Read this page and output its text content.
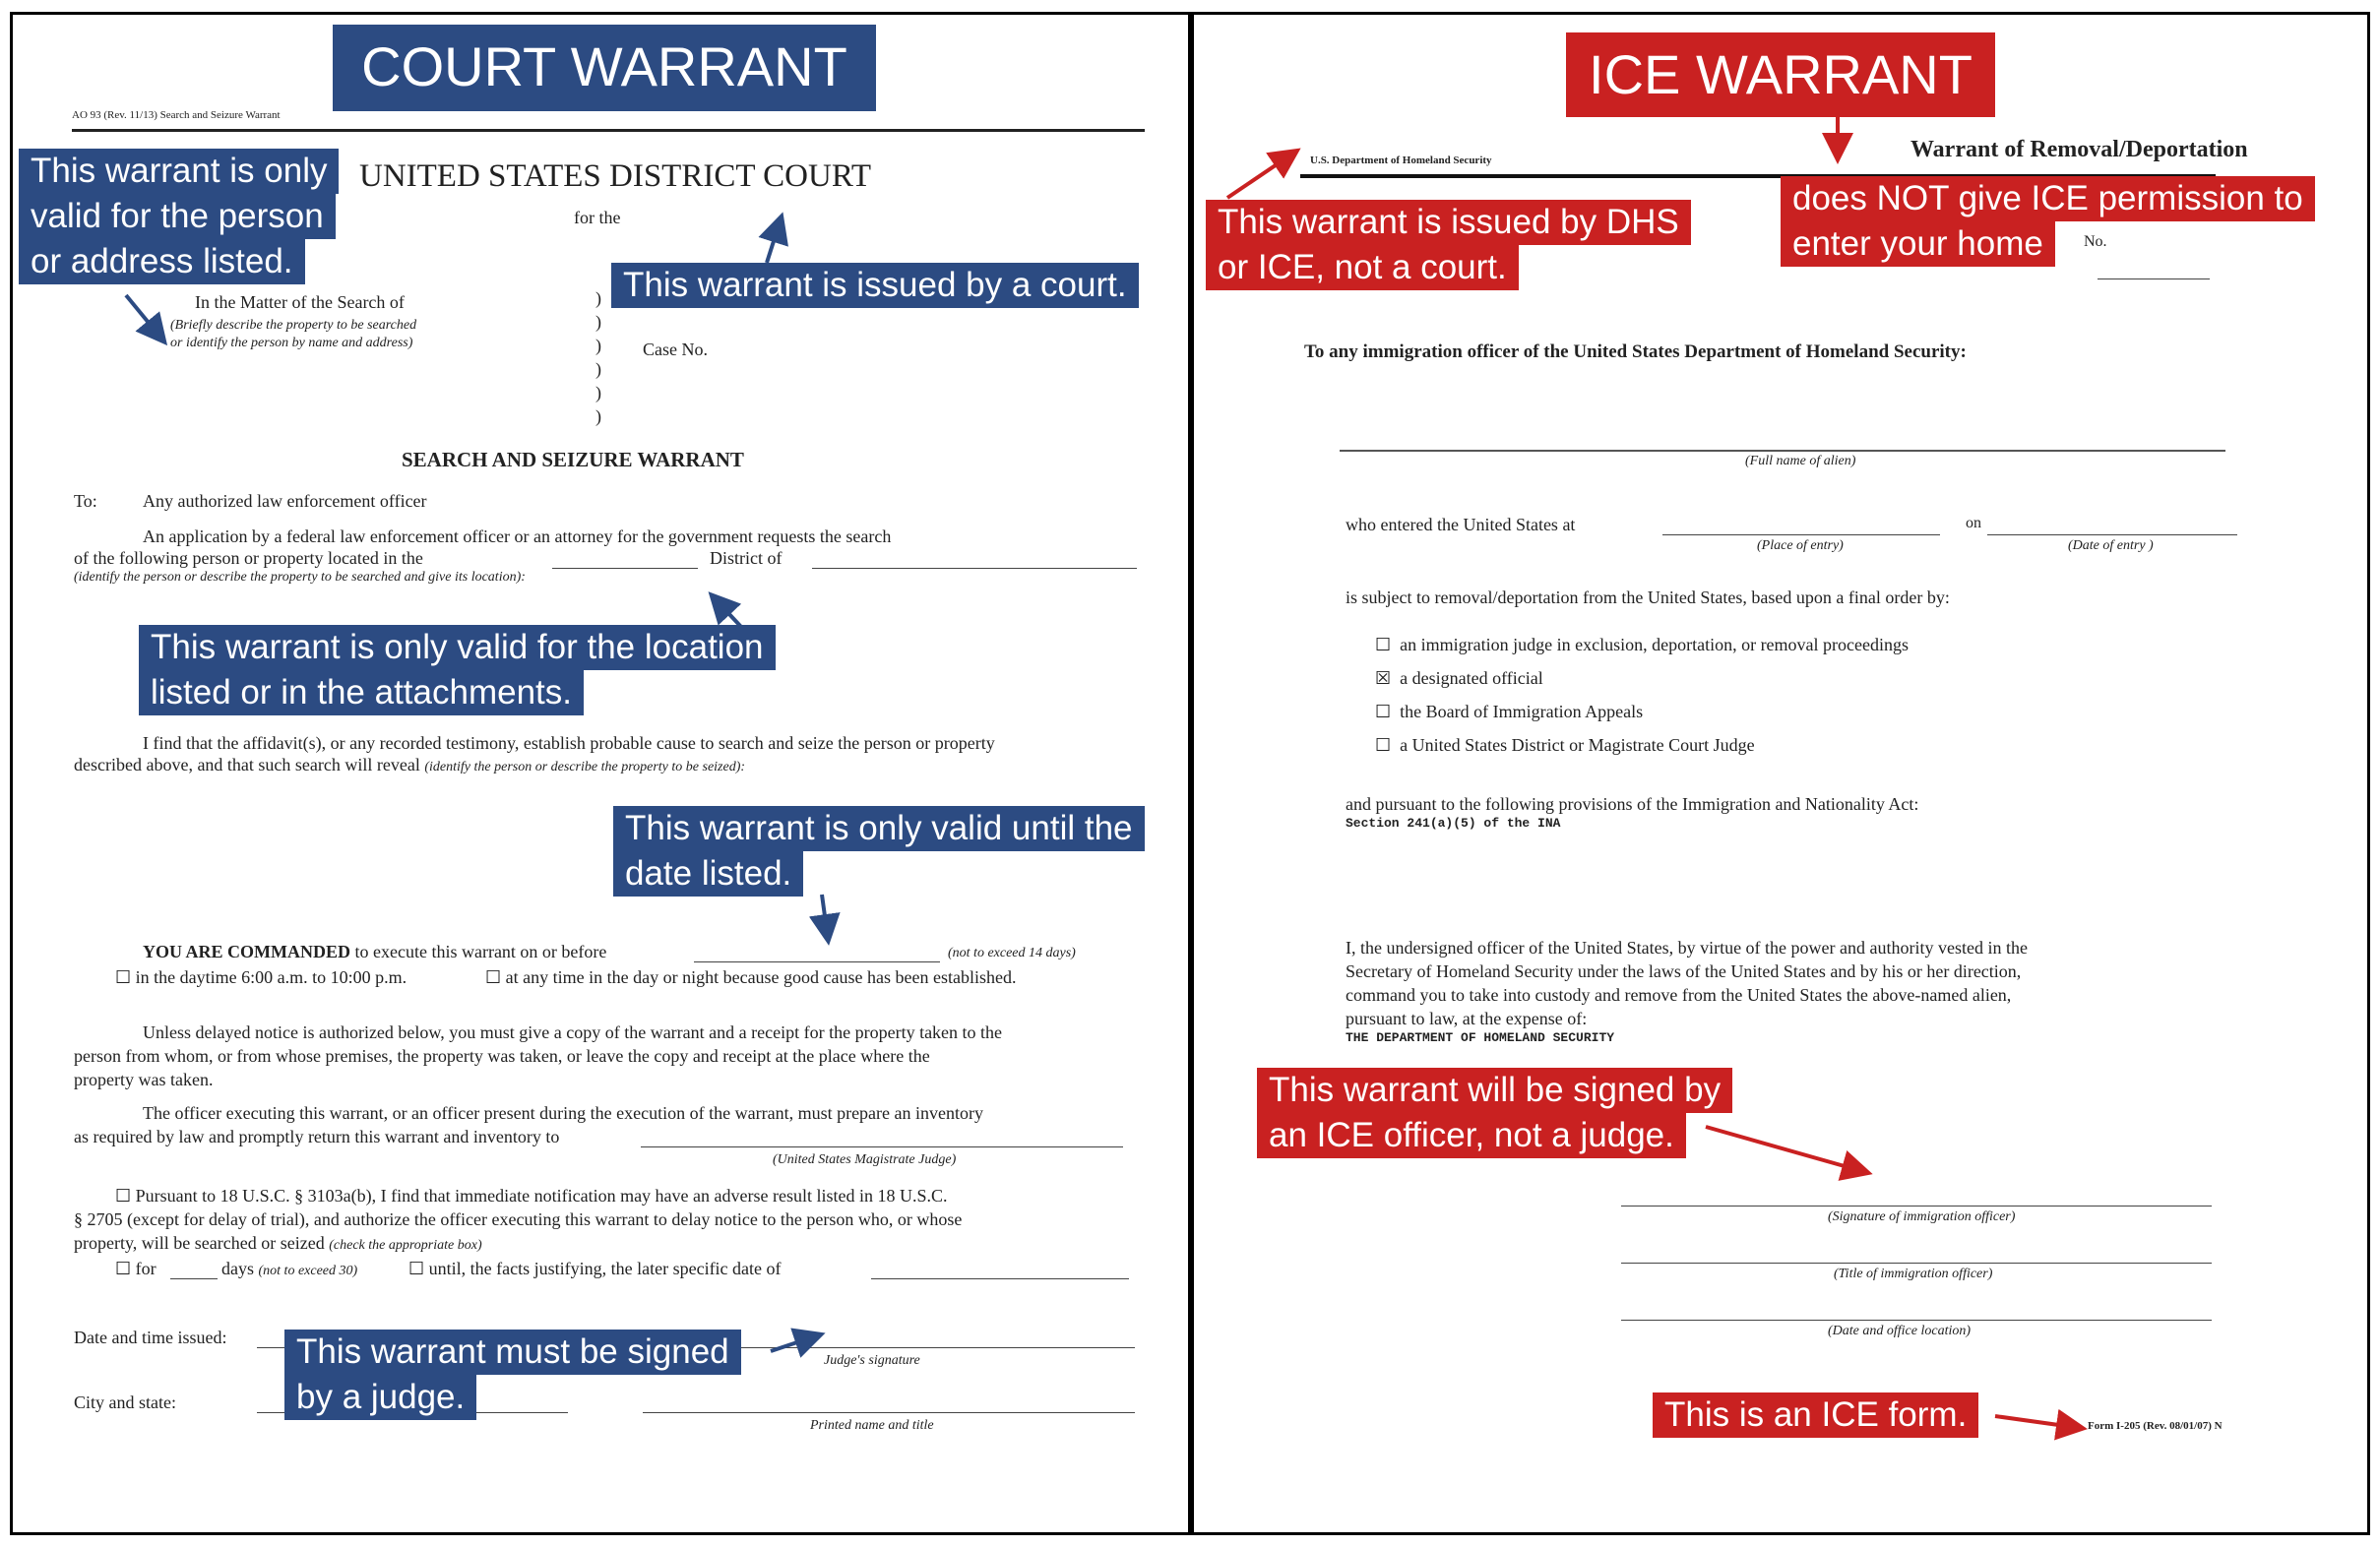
AO 93 (Rev. 11/13) Search and Seizure Warrant
UNITED STATES DISTRICT COURT
for the
In the Matter of the Search of
(Briefly describe the property to be searched
or identify the person by name and address)
)
)
)
)
)
)
Case No.
SEARCH AND SEIZURE WARRANT
To:	Any authorized law enforcement officer
An application by a federal law enforcement officer or an attorney for the government requests the search
of the following person or property located in the	District of
(identify the person or describe the property to be searched and give its location):
I find that the affidavit(s), or any recorded testimony, establish probable cause to search and seize the person or property
described above, and that such search will reveal (identify the person or describe the property to be seized):
YOU ARE COMMANDED to execute this warrant on or before	(not to exceed 14 days)
☐ in the daytime 6:00 a.m. to 10:00 p.m.	☐ at any time in the day or night because good cause has been established.
Unless delayed notice is authorized below, you must give a copy of the warrant and a receipt for the property taken to the
person from whom, or from whose premises, the property was taken, or leave the copy and receipt at the place where the
property was taken.
The officer executing this warrant, or an officer present during the execution of the warrant, must prepare an inventory
as required by law and promptly return this warrant and inventory to
(United States Magistrate Judge)
☐ Pursuant to 18 U.S.C. § 3103a(b), I find that immediate notification may have an adverse result listed in 18 U.S.C.
§ 2705 (except for delay of trial), and authorize the officer executing this warrant to delay notice to the person who, or whose
property, will be searched or seized (check the appropriate box)
☐ for	days (not to exceed 30)	☐ until, the facts justifying, the later specific date of
Date and time issued:
Judge's signature
City and state:
Printed name and title
COURT WARRANT
This warrant is only
valid for the person
or address listed.
This warrant is issued by a court.
This warrant is only valid for the location
listed or in the attachments.
This warrant is only valid until the
date listed.
This warrant must be signed
by a judge.
U.S. Department of Homeland Security	Warrant of Removal/Deportation
No.
To any immigration officer of the United States Department of Homeland Security:
(Full name of alien)
who entered the United States at	on
(Place of entry)	(Date of entry )
is subject to removal/deportation from the United States, based upon a final order by:
☐ an immigration judge in exclusion, deportation, or removal proceedings
☒ a designated official
☐ the Board of Immigration Appeals
☐ a United States District or Magistrate Court Judge
and pursuant to the following provisions of the Immigration and Nationality Act:
Section 241(a)(5) of the INA
I, the undersigned officer of the United States, by virtue of the power and authority vested in the
Secretary of Homeland Security under the laws of the United States and by his or her direction,
command you to take into custody and remove from the United States the above-named alien,
pursuant to law, at the expense of:
THE DEPARTMENT OF HOMELAND SECURITY
(Signature of immigration officer)
(Title of immigration officer)
(Date and office location)
Form I-205 (Rev. 08/01/07) N
ICE WARRANT
This warrant is issued by DHS
or ICE, not a court.
does NOT give ICE permission to
enter your home
This warrant will be signed by
an ICE officer, not a judge.
This is an ICE form.
